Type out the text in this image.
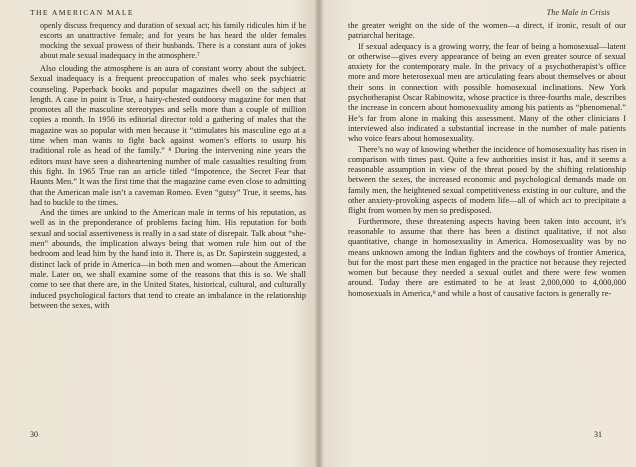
THE AMERICAN MALE

openly discuss frequency and duration of sexual act; his family ridicules him if he escorts an unattractive female; and for years he has heard the older females mocking the sexual prowess of their husbands. There is a constant aura of jokes about male sexual inadequacy in the atmosphere.⁷

Also clouding the atmosphere is an aura of constant worry about the subject. Sexual inadequacy is a frequent preoccupation of males who seek psychiatric counseling. Paperback books and popular magazines dwell on the subject at length. A case in point is True, a hairy-chested outdoorsy magazine for men that promotes all the masculine stereotypes and sells more than a couple of million copies a month. In 1956 its editorial director told a gathering of males that the magazine was so popular with men because it “stimulates his masculine ego at a time when man wants to fight back against women’s efforts to usurp his traditional role as head of the family.” ⁸ During the intervening nine years the editors must have seen a disheartening number of male casualties resulting from this fight. In 1965 True ran an article titled “Impotence, the Secret Fear that Haunts Men.” It was the first time that the magazine came even close to admitting that the American male isn’t a caveman Romeo. Even “gutsy” True, it seems, has had to buckle to the times.

And the times are unkind to the American male in terms of his reputation, as well as in the preponderance of problems facing him. His reputation for both sexual and social assertiveness is really in a sad state of disrepair. Talk about “she-men” abounds, the implication always being that women rule him out of the bedroom and lead him by the hand into it. There is, as Dr. Sapirstein suggested, a distinct lack of pride in America—in both men and women—about the American male. Later on, we shall examine some of the reasons that this is so. We shall come to see that there are, in the United States, historical, cultural, and culturally induced psychological factors that tend to create an imbalance in the relationship between the sexes, with

30
The Male in Crisis

the greater weight on the side of the women—a direct, if ironic, result of our patriarchal heritage.

If sexual adequacy is a growing worry, the fear of being a homosexual—latent or otherwise—gives every appearance of being an even greater source of sexual anxiety for the contemporary male. In the privacy of a psychotherapist’s office more and more heterosexual men are articulating fears about themselves or about their sons in connection with possible homosexual inclinations. New York psychotherapist Oscar Rabinowitz, whose practice is three-fourths male, describes the increase in concern about homosexuality among his patients as “phenomenal.” He’s far from alone in making this assessment. Many of the other clinicians I interviewed also indicated a substantial increase in the number of male patients who voice fears about homosexuality.

There’s no way of knowing whether the incidence of homosexuality has risen in comparison with times past. Quite a few authorities insist it has, and it seems a reasonable assumption in view of the threat posed by the shifting relationship between the sexes, the increased economic and psychological demands made on family men, the heightened sexual competitiveness existing in our culture, and the other anxiety-provoking aspects of modern life—all of which act to precipitate a flight from women by men so predisposed.

Furthermore, these threatening aspects having been taken into account, it’s reasonable to assume that there has been a distinct qualitative, if not also quantitative, change in homosexuality in America. Homosexuality was by no means unknown among the Indian fighters and the cowboys of frontier America, but for the most part these men engaged in the practice not because they rejected women but because they needed a sexual outlet and there were few women around. Today there are estimated to be at least 2,000,000 to 4,000,000 homosexuals in America,⁹ and while a host of causative factors is generally re-

31
